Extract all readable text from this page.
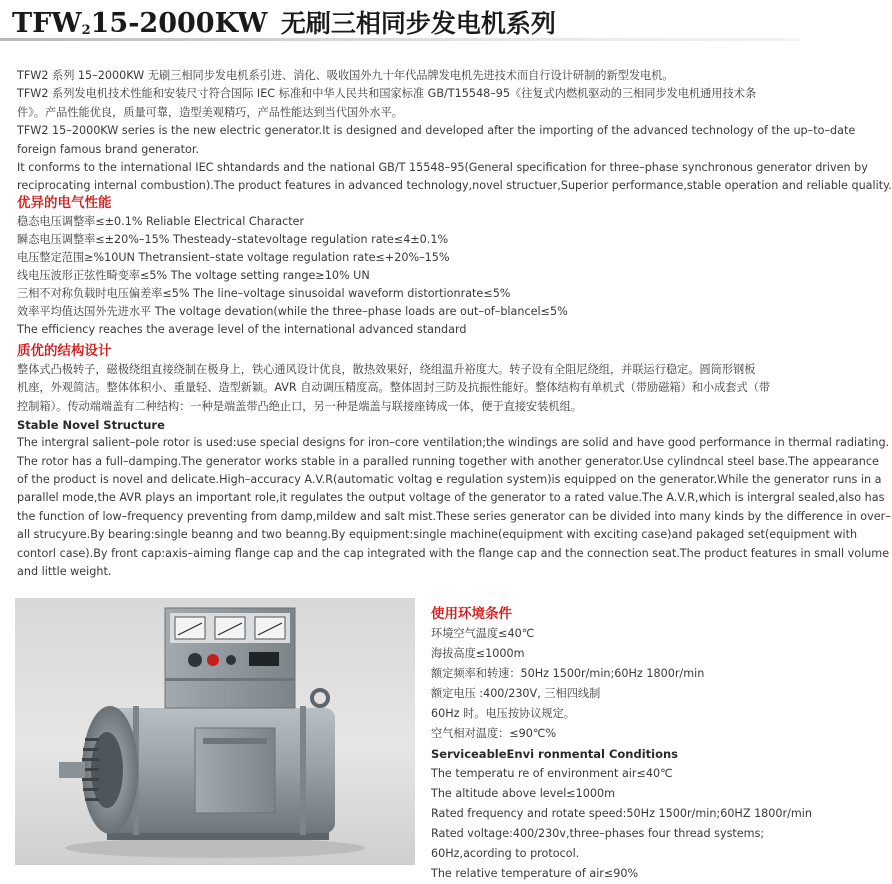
$TFW_215-2000KW$ 无刷三相同步发电机系列
TFW2 系列 15–2000KW 无刷三相同步发电机系引进、消化、吸收国外九十年代品牌发电机先进技术而自行设计研制的新型发电机。
TFW2 系列发电机技术性能和安装尺寸符合国际 IEC 标准和中华人民共和国家标准 GB/T15548–95《往复式内燃机驱动的三相同步发电机通用技术条
件》。产品性能优良，质量可靠，造型美观精巧，产品性能达到当代国外水平。
TFW2 15–2000KW series is the new electric generator.It is designed and developed after the importing of the advanced technology of the up–to–date
foreign famous brand generator.
It conforms to the international IEC shtandards and the national GB/T 15548–95(General specification for three–phase synchronous generator driven by
reciprocating internal combustion).The product features in advanced technology,novel structuer,Superior performance,stable operation and reliable quality.
优异的电气性能
稳态电压调整率≤±0.1% Reliable Electrical Character
瞬态电压调整率≤±20%–15% Thesteady–statevoltage regulation rate≤4±0.1%
电压整定范围≥%10UN Thetransient–state voltage regulation rate≤+20%–15%
线电压波形正弦性畸变率≤5% The voltage setting range≥10% UN
三相不对称负载时电压偏差率≤5% The line–voltage sinusoidal waveform distortionrate≤5%
效率平均值达国外先进水平 The voltage devation(while the three–phase loads are out–of–blancel≤5%
The efficiency reaches the average level of the international advanced standard
质优的结构设计
整体式凸极转子，磁极绕组直接绕制在极身上，铁心通风设计优良，散热效果好，绕组温升裕度大。转子设有全阻尼绕组，并联运行稳定。圆筒形钢板
机座，外观简洁。整体体积小、重量轻、造型新颖。AVR 自动调压精度高。整体固封三防及抗振性能好。整体结构有单机式（带励磁箱）和小成套式（带
控制箱）。传动端端盖有二种结构：一种是端盖带凸绝止口，另一种是端盖与联接座铸成一体，便于直接安装机组。
Stable Novel Structure
The intergral salient–pole rotor is used:use special designs for iron–core ventilation;the windings are solid and have good performance in thermal radiating.
The rotor has a full–damping.The generator works stable in a paralled running together with another generator.Use cylindncal steel base.The appearance
of the product is novel and delicate.High–accuracy A.V.R(automatic voltag e regulation system)is equipped on the generator.While the generator runs in a
parallel mode,the AVR plays an important role,it regulates the output voltage of the generator to a rated value.The A.V.R,which is intergral sealed,also has
the function of low–frequency preventing from damp,mildew and salt mist.These series generator can be divided into many kinds by the difference in over–
all strucyure.By bearing:single beanng and two beanng.By equipment:single machine(equipment with exciting case)and pakaged set(equipment with
contorl case).By front cap:axis–aiming flange cap and the cap integrated with the flange cap and the connection seat.The product features in small volume
and little weight.
使用环境条件
环境空气温度≤40℃
海拔高度≤1000m
额定频率和转速：50Hz 1500r/min;60Hz 1800r/min
额定电压 :400/230V, 三相四线制
60Hz 时。电压按协议规定。
空气相对温度：≤90℃%
ServiceableEnvi ronmental Conditions
The temperatu re of environment air≤40℃
The altitude above level≤1000m
Rated frequency and rotate speed:50Hz 1500r/min;60HZ 1800r/min
Rated voltage:400/230v,three–phases four thread systems;
60Hz,acording to protocol.
The relative temperature of air≤90%
